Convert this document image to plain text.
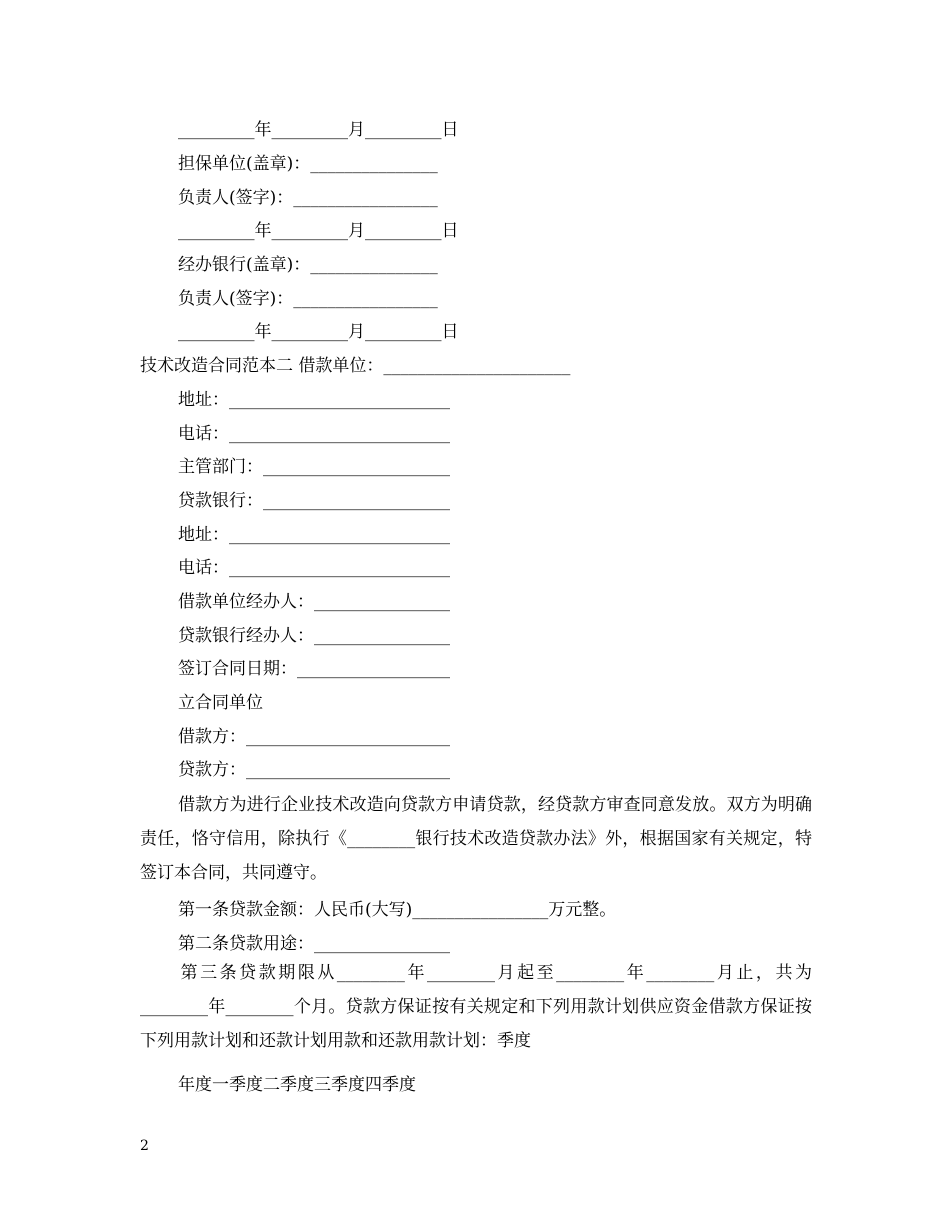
_________年_________月_________日
担保单位(盖章)：_______________
负责人(签字)：_________________
_________年_________月_________日
经办银行(盖章)：_______________
负责人(签字)：_________________
_________年_________月_________日
技术改造合同范本二 借款单位：______________________
地址：__________________________
电话：__________________________
主管部门：______________________
贷款银行：______________________
地址：__________________________
电话：__________________________
借款单位经办人：________________
贷款银行经办人：________________
签订合同日期：__________________
立合同单位
借款方：________________________
贷款方：________________________
借款方为进行企业技术改造向贷款方申请贷款，经贷款方审查同意发放。双方为明确责任，恪守信用，除执行《________银行技术改造贷款办法》外，根据国家有关规定，特签订本合同，共同遵守。
第一条贷款金额：人民币(大写)________________万元整。
第二条贷款用途：________________
第三条贷款期限从________年________月起至________年________月止，共为________年________个月。贷款方保证按有关规定和下列用款计划供应资金借款方保证按下列用款计划和还款计划用款和还款用款计划：季度
年度一季度二季度三季度四季度
2
